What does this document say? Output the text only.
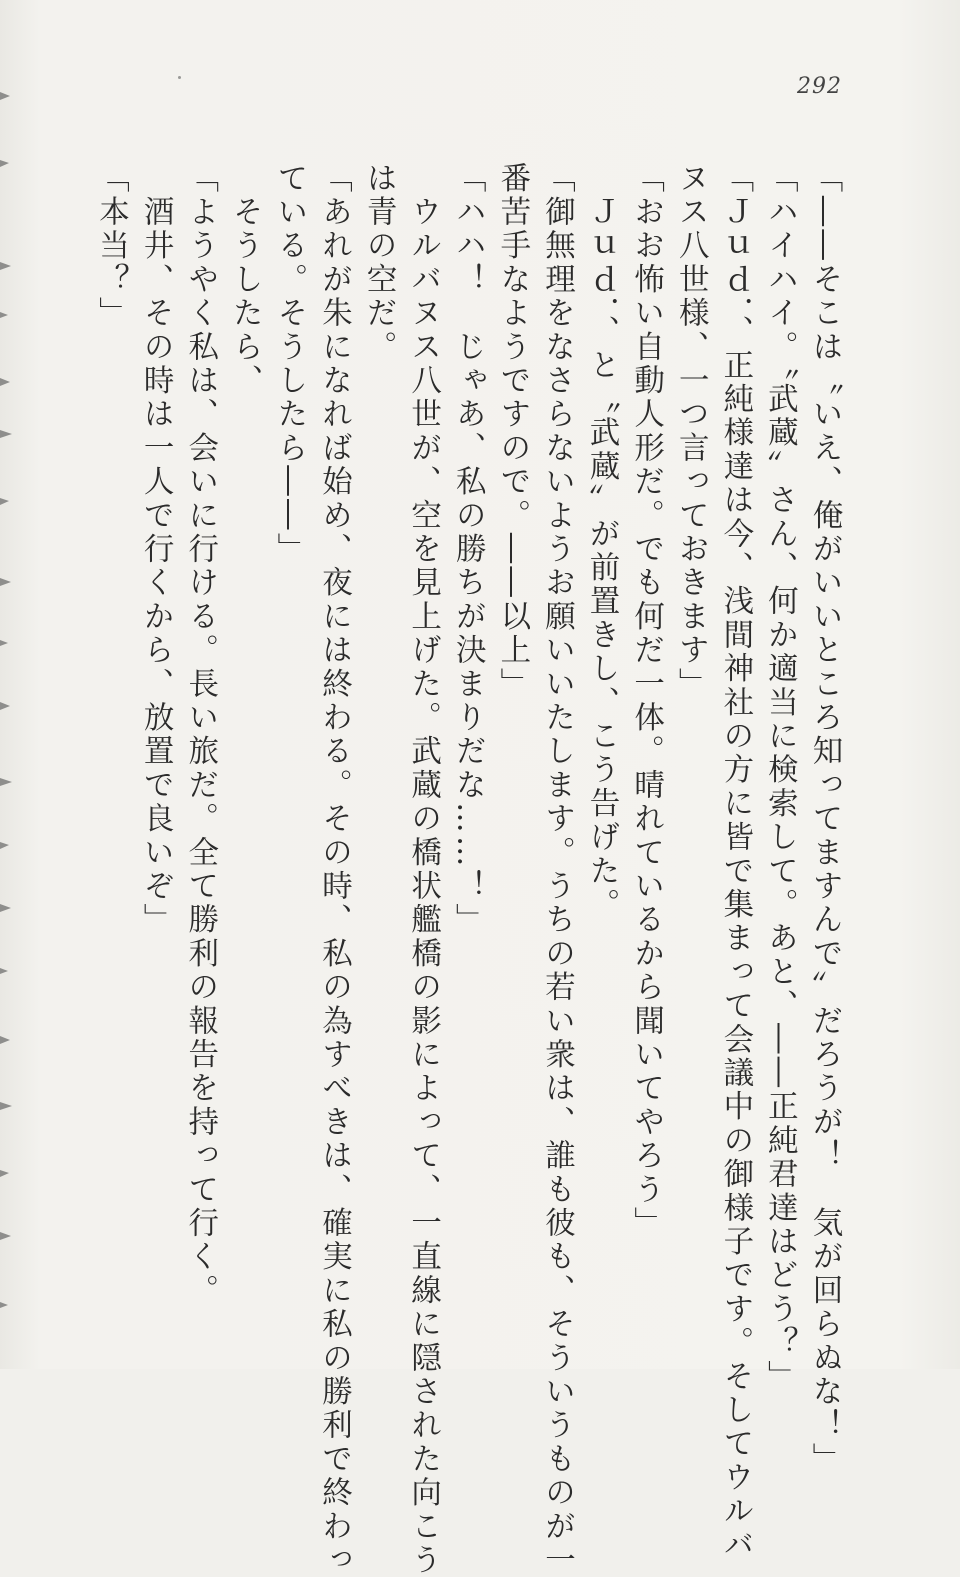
292
「――そこは〝いえ、俺がいいところ知ってますんで〟だろうが！　気が回らぬな！」
「ハイハイ。〝武蔵〟さん、何か適当に検索して。あと、――正純君達はどう？」
「Ｊｕｄ．、正純様達は今、浅間神社の方に皆で集まって会議中の御様子です。そしてウルバ
ヌス八世様、一つ言っておきます」
「おお怖い自動人形だ。でも何だ一体。晴れているから聞いてやろう」
　Ｊｕｄ．、と〝武蔵〟が前置きし、こう告げた。
「御無理をなさらないようお願いいたします。うちの若い衆は、誰も彼も、そういうものが一
番苦手なようですので。――以上」
「ハハ！　じゃあ、私の勝ちが決まりだな……！」
　ウルバヌス八世が、空を見上げた。武蔵の橋状艦橋の影によって、一直線に隠された向こう
は青の空だ。
「あれが朱になれば始め、夜には終わる。その時、私の為すべきは、確実に私の勝利で終わっ
ている。そうしたら――」
　そうしたら、
「ようやく私は、会いに行ける。長い旅だ。全て勝利の報告を持って行く。
　酒井、その時は一人で行くから、放置で良いぞ」
「本当？」
